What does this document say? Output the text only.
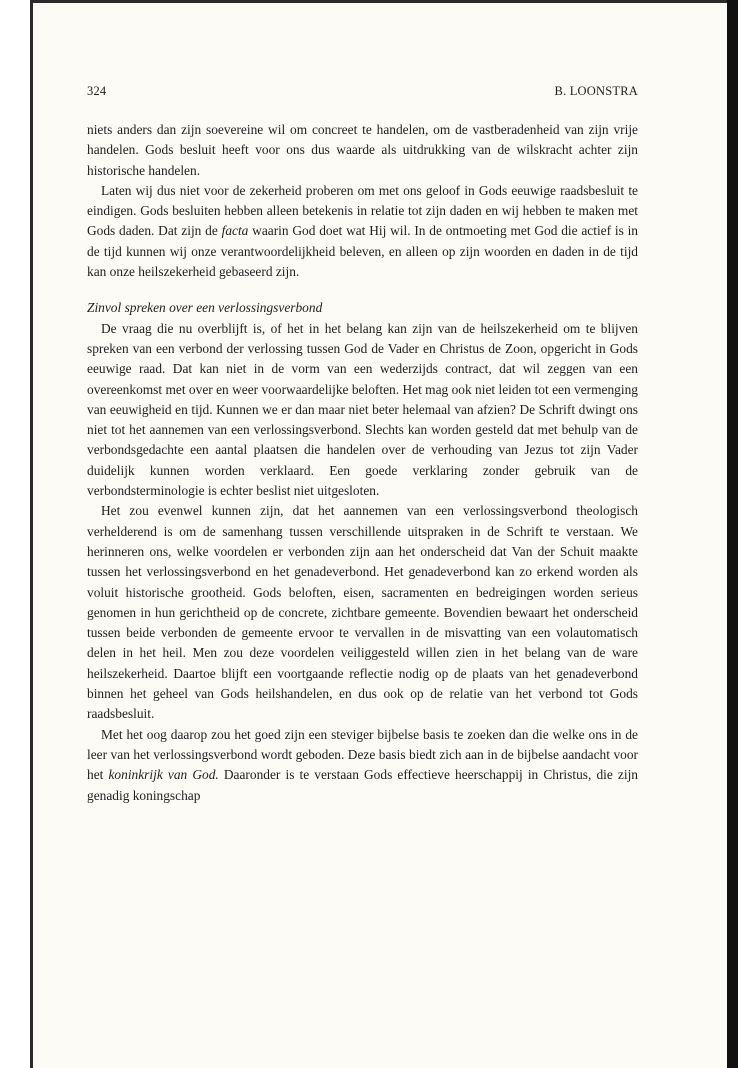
324	B. LOONSTRA

niets anders dan zijn soevereine wil om concreet te handelen, om de vastberadenheid van zijn vrije handelen. Gods besluit heeft voor ons dus waarde als uitdrukking van de wilskracht achter zijn historische handelen.

Laten wij dus niet voor de zekerheid proberen om met ons geloof in Gods eeuwige raadsbesluit te eindigen. Gods besluiten hebben alleen betekenis in relatie tot zijn daden en wij hebben te maken met Gods daden. Dat zijn de facta waarin God doet wat Hij wil. In de ontmoeting met God die actief is in de tijd kunnen wij onze verantwoordelijkheid beleven, en alleen op zijn woorden en daden in de tijd kan onze heilszekerheid gebaseerd zijn.

Zinvol spreken over een verlossingsverbond

De vraag die nu overblijft is, of het in het belang kan zijn van de heilszekerheid om te blijven spreken van een verbond der verlossing tussen God de Vader en Christus de Zoon, opgericht in Gods eeuwige raad. Dat kan niet in de vorm van een wederzijds contract, dat wil zeggen van een overeenkomst met over en weer voorwaardelijke beloften. Het mag ook niet leiden tot een vermenging van eeuwigheid en tijd. Kunnen we er dan maar niet beter helemaal van afzien? De Schrift dwingt ons niet tot het aannemen van een verlossingsverbond. Slechts kan worden gesteld dat met behulp van de verbondsgedachte een aantal plaatsen die handelen over de verhouding van Jezus tot zijn Vader duidelijk kunnen worden verklaard. Een goede verklaring zonder gebruik van de verbondsterminologie is echter beslist niet uitgesloten.

Het zou evenwel kunnen zijn, dat het aannemen van een verlossingsverbond theologisch verhelderend is om de samenhang tussen verschillende uitspraken in de Schrift te verstaan. We herinneren ons, welke voordelen er verbonden zijn aan het onderscheid dat Van der Schuit maakte tussen het verlossingsverbond en het genadeverbond. Het genadeverbond kan zo erkend worden als voluit historische grootheid. Gods beloften, eisen, sacramenten en bedreigingen worden serieus genomen in hun gerichtheid op de concrete, zichtbare gemeente. Bovendien bewaart het onderscheid tussen beide verbonden de gemeente ervoor te vervallen in de misvatting van een volautomatisch delen in het heil. Men zou deze voordelen veiliggesteld willen zien in het belang van de ware heilszekerheid. Daartoe blijft een voortgaande reflectie nodig op de plaats van het genadeverbond binnen het geheel van Gods heilshandelen, en dus ook op de relatie van het verbond tot Gods raadsbesluit.

Met het oog daarop zou het goed zijn een steviger bijbelse basis te zoeken dan die welke ons in de leer van het verlossingsverbond wordt geboden. Deze basis biedt zich aan in de bijbelse aandacht voor het koninkrijk van God. Daaronder is te verstaan Gods effectieve heerschappij in Christus, die zijn genadig koningschap
